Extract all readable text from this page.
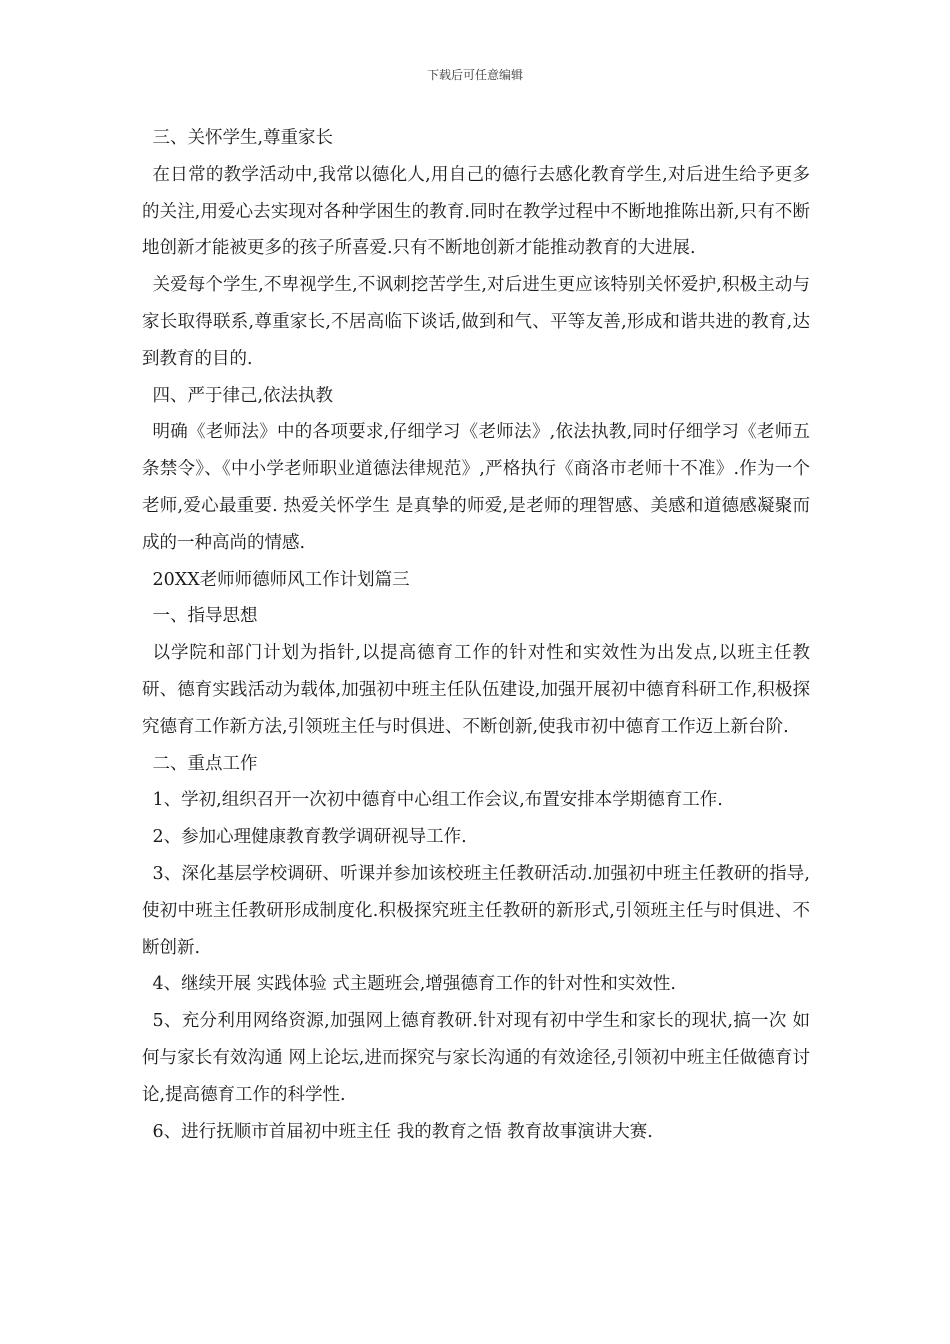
下载后可任意编辑

三、关怀学生,尊重家长

在日常的教学活动中,我常以德化人,用自己的德行去感化教育学生,对后进生给予更多的关注,用爱心去实现对各种学困生的教育.同时在教学过程中不断地推陈出新,只有不断地创新才能被更多的孩子所喜爱.只有不断地创新才能推动教育的大进展.

关爱每个学生,不卑视学生,不讽刺挖苦学生,对后进生更应该特别关怀爱护,积极主动与家长取得联系,尊重家长,不居高临下谈话,做到和气、平等友善,形成和谐共进的教育,达到教育的目的.

四、严于律己,依法执教

明确《老师法》中的各项要求,仔细学习《老师法》,依法执教,同时仔细学习《老师五条禁令》、《中小学老师职业道德法律规范》,严格执行《商洛市老师十不准》.作为一个老师,爱心最重要. 热爱关怀学生 是真挚的师爱,是老师的理智感、美感和道德感凝聚而成的一种高尚的情感.

20XX老师师德师风工作计划篇三

一、指导思想

以学院和部门计划为指针,以提高德育工作的针对性和实效性为出发点,以班主任教研、德育实践活动为载体,加强初中班主任队伍建设,加强开展初中德育科研工作,积极探究德育工作新方法,引领班主任与时俱进、不断创新,使我市初中德育工作迈上新台阶.

二、重点工作

1、学初,组织召开一次初中德育中心组工作会议,布置安排本学期德育工作.

2、参加心理健康教育教学调研视导工作.

3、深化基层学校调研、听课并参加该校班主任教研活动.加强初中班主任教研的指导,使初中班主任教研形成制度化.积极探究班主任教研的新形式,引领班主任与时俱进、不断创新.

4、继续开展 实践体验 式主题班会,增强德育工作的针对性和实效性.

5、充分利用网络资源,加强网上德育教研.针对现有初中学生和家长的现状,搞一次 如何与家长有效沟通 网上论坛,进而探究与家长沟通的有效途径,引领初中班主任做德育讨论,提高德育工作的科学性.

6、进行抚顺市首届初中班主任 我的教育之悟 教育故事演讲大赛.
